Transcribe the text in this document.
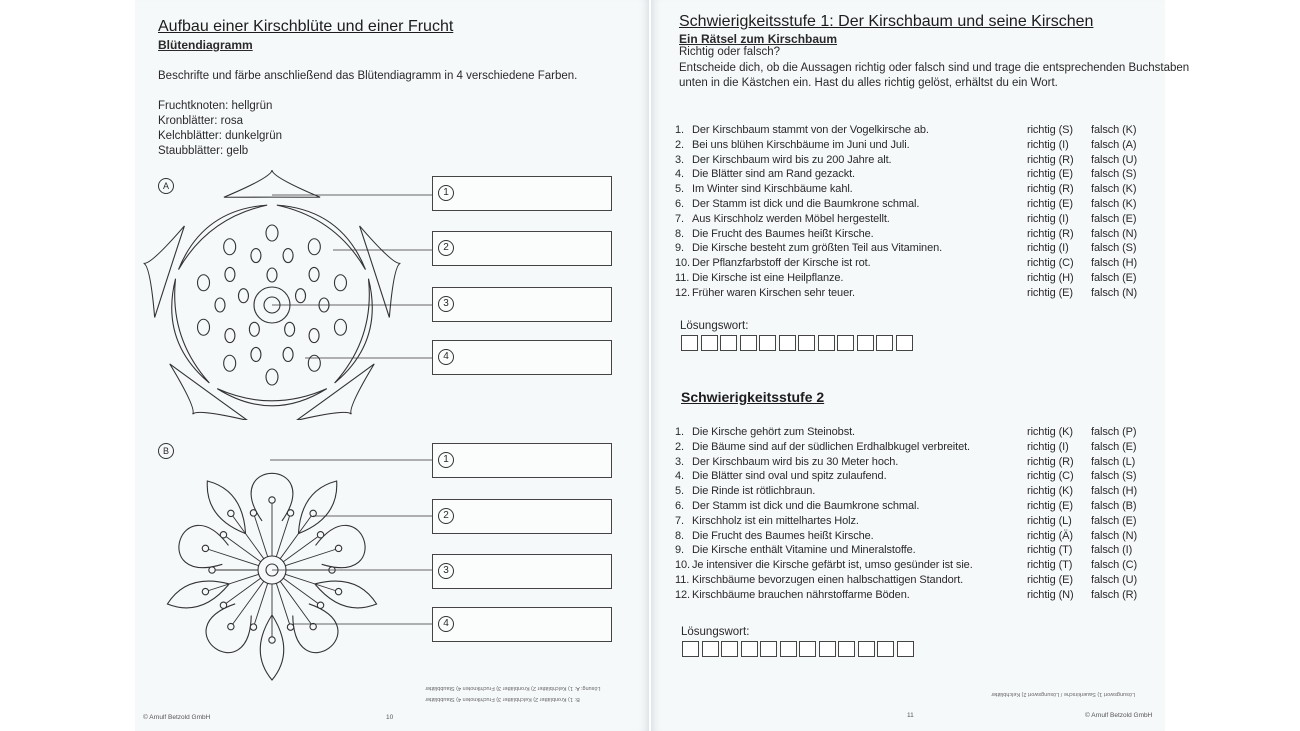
Aufbau einer Kirschblüte und einer Frucht
Blütendiagramm
Beschrifte und färbe anschließend das Blütendiagramm in 4 verschiedene Farben.
Fruchtknoten: hellgrün
Kronblätter: rosa
Kelchblätter: dunkelgrün
Staubblätter: gelb
A
B
1
2
3
4
1
2
3
4
Lösung: A: 1) Kelchblätter 2) Kronblätter 3) Fruchtknoten 4) Staubblätter
B: 1) Kronblätter 2) Kelchblätter 3) Fruchtknoten 4) Staubblätter
© Arnulf Betzold GmbH	10
Schwierigkeitsstufe 1: Der Kirschbaum und seine Kirschen
Ein Rätsel zum Kirschbaum
Richtig oder falsch?
Entscheide dich, ob die Aussagen richtig oder falsch sind und trage die entsprechenden Buchstaben
unten in die Kästchen ein. Hast du alles richtig gelöst, erhältst du ein Wort.
1. Der Kirschbaum stammt von der Vogelkirsche ab.	richtig (S) falsch (K)
2. Bei uns blühen Kirschbäume im Juni und Juli.	richtig (I) falsch (A)
3. Der Kirschbaum wird bis zu 200 Jahre alt.	richtig (R) falsch (U)
4. Die Blätter sind am Rand gezackt.	richtig (E) falsch (S)
5. Im Winter sind Kirschbäume kahl.	richtig (R) falsch (K)
6. Der Stamm ist dick und die Baumkrone schmal.	richtig (E) falsch (K)
7. Aus Kirschholz werden Möbel hergestellt.	richtig (I) falsch (E)
8. Die Frucht des Baumes heißt Kirsche.	richtig (R) falsch (N)
9. Die Kirsche besteht zum größten Teil aus Vitaminen.	richtig (I) falsch (S)
10. Der Pflanzfarbstoff der Kirsche ist rot.	richtig (C) falsch (H)
11. Die Kirsche ist eine Heilpflanze.	richtig (H) falsch (E)
12. Früher waren Kirschen sehr teuer.	richtig (E) falsch (N)
Lösungswort:
Schwierigkeitsstufe 2
1. Die Kirsche gehört zum Steinobst.	richtig (K) falsch (P)
2. Die Bäume sind auf der südlichen Erdhalbkugel verbreitet.	richtig (I) falsch (E)
3. Der Kirschbaum wird bis zu 30 Meter hoch.	richtig (R) falsch (L)
4. Die Blätter sind oval und spitz zulaufend.	richtig (C) falsch (S)
5. Die Rinde ist rötlichbraun.	richtig (K) falsch (H)
6. Der Stamm ist dick und die Baumkrone schmal.	richtig (E) falsch (B)
7. Kirschholz ist ein mittelhartes Holz.	richtig (L) falsch (E)
8. Die Frucht des Baumes heißt Kirsche.	richtig (Ä) falsch (N)
9. Die Kirsche enthält Vitamine und Mineralstoffe.	richtig (T) falsch (I)
10. Je intensiver die Kirsche gefärbt ist, umso gesünder ist sie.	richtig (T) falsch (C)
11. Kirschbäume bevorzugen einen halbschattigen Standort.	richtig (E) falsch (U)
12. Kirschbäume brauchen nährstoffarme Böden.	richtig (N) falsch (R)
Lösungswort:
Lösungswort 1) Sauerkirsche / Lösungswort 2) Kelchblätter
11	© Arnulf Betzold GmbH
